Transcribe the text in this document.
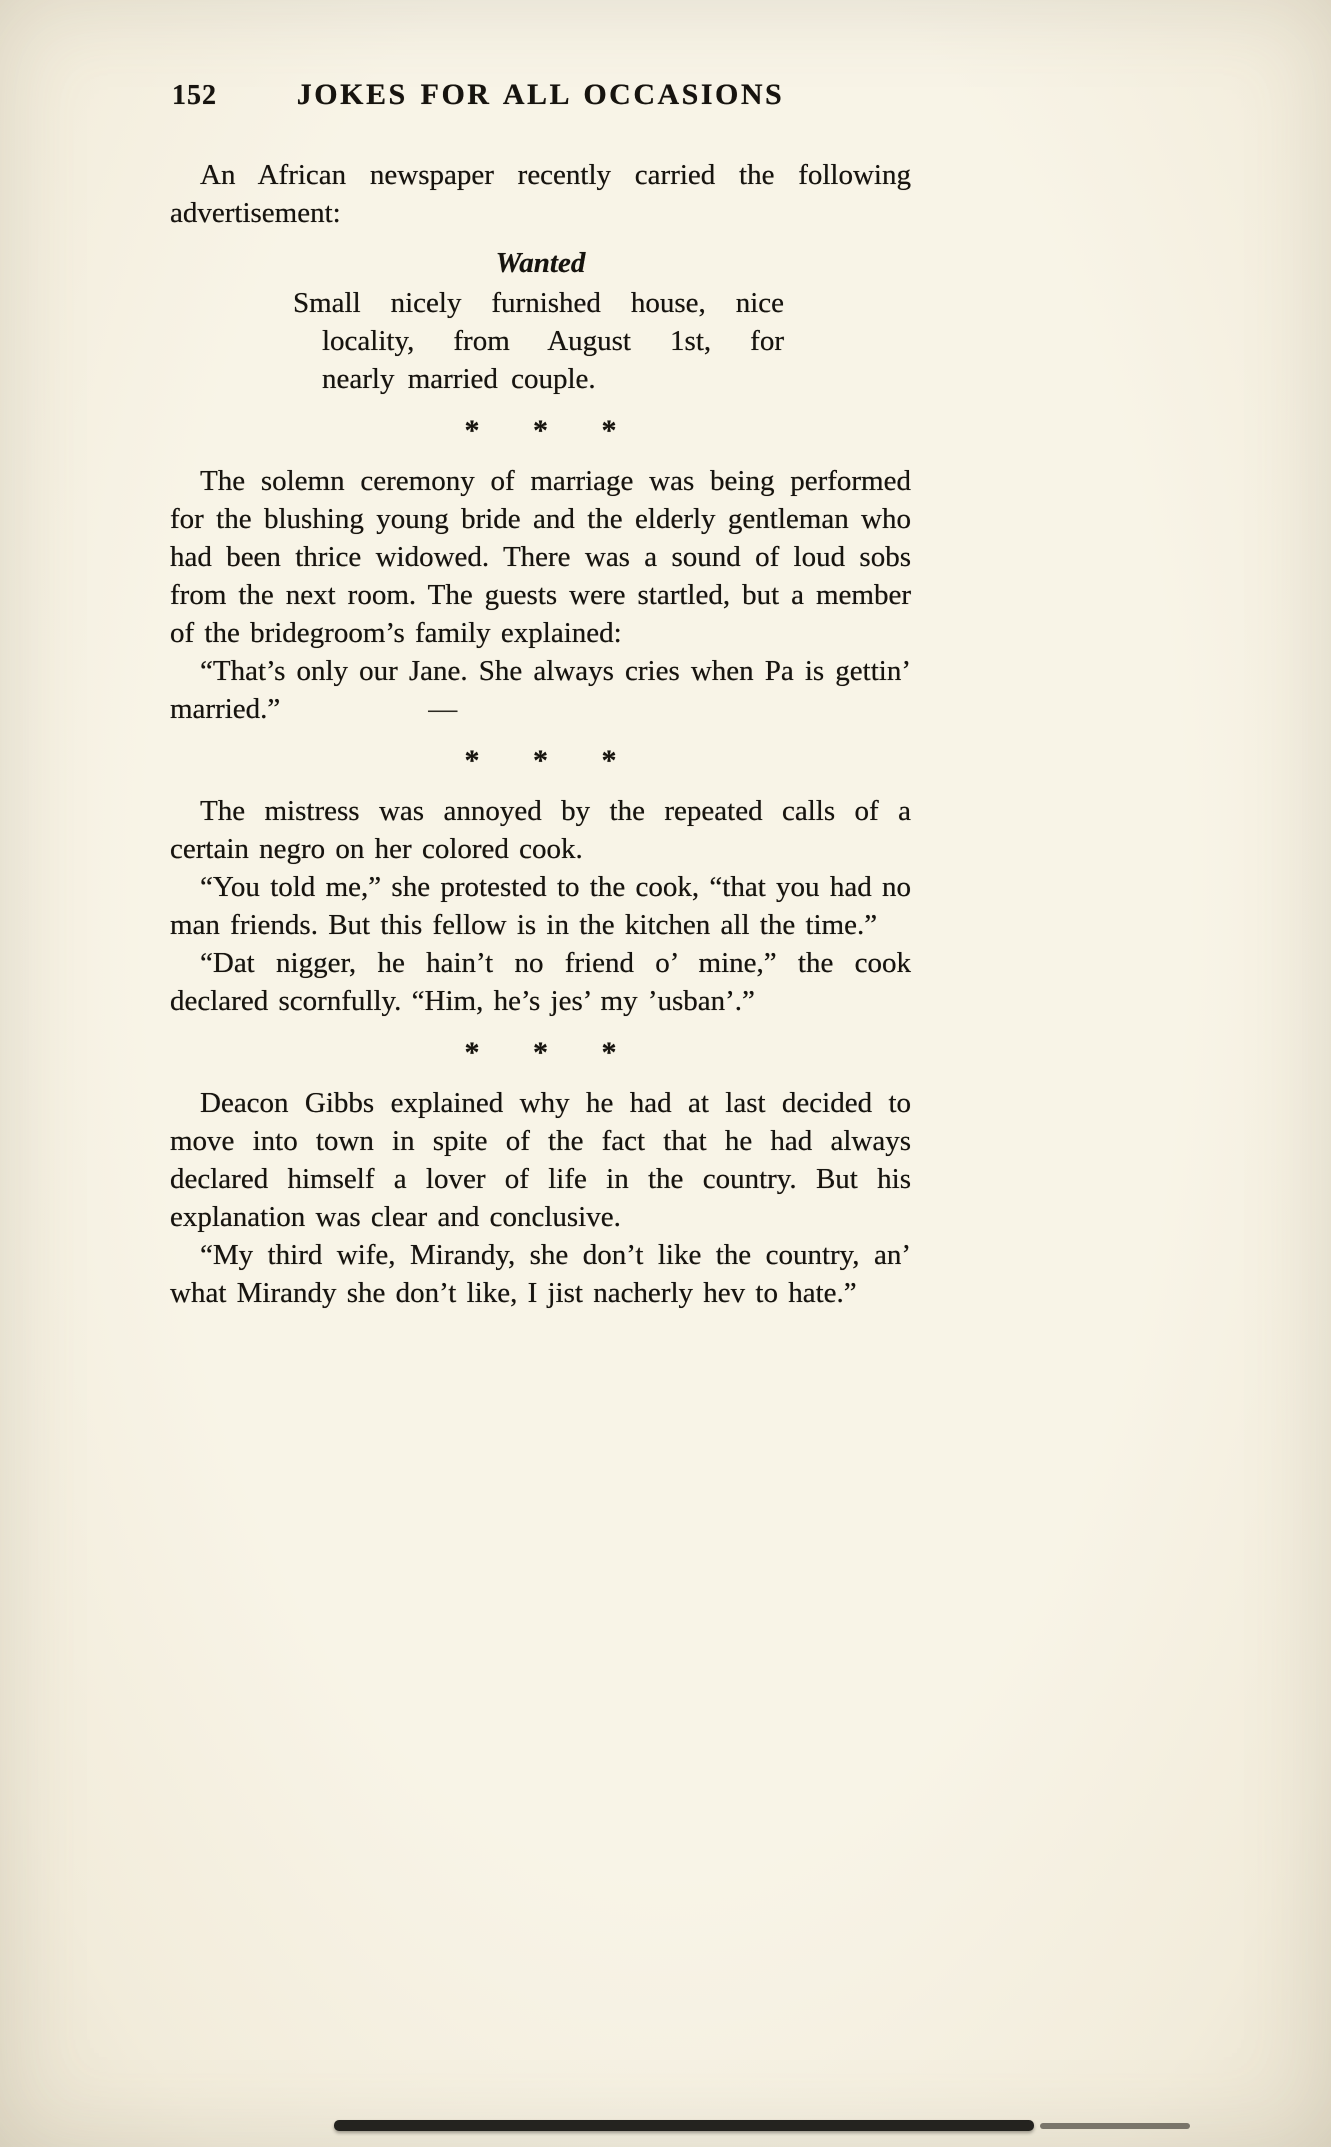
152	JOKES FOR ALL OCCASIONS

An African newspaper recently carried the following advertisement:

Wanted
Small nicely furnished house, nice
locality, from August 1st, for
nearly married couple.
* * *

The solemn ceremony of marriage was being performed for the blushing young bride and the elderly gentleman who had been thrice widowed. There was a sound of loud sobs from the next room. The guests were startled, but a member of the bridegroom’s family explained:

“That’s only our Jane. She always cries when Pa is gettin’ married.”	—

* * *

The mistress was annoyed by the repeated calls of a certain negro on her colored cook.

“You told me,” she protested to the cook, “that you had no man friends. But this fellow is in the kitchen all the time.”

“Dat nigger, he hain’t no friend o’ mine,” the cook declared scornfully. “Him, he’s jes’ my ’usban’.”

* * *

Deacon Gibbs explained why he had at last decided to move into town in spite of the fact that he had always declared himself a lover of life in the country. But his explanation was clear and conclusive.

“My third wife, Mirandy, she don’t like the country, an’ what Mirandy she don’t like, I jist nacherly hev to hate.”
